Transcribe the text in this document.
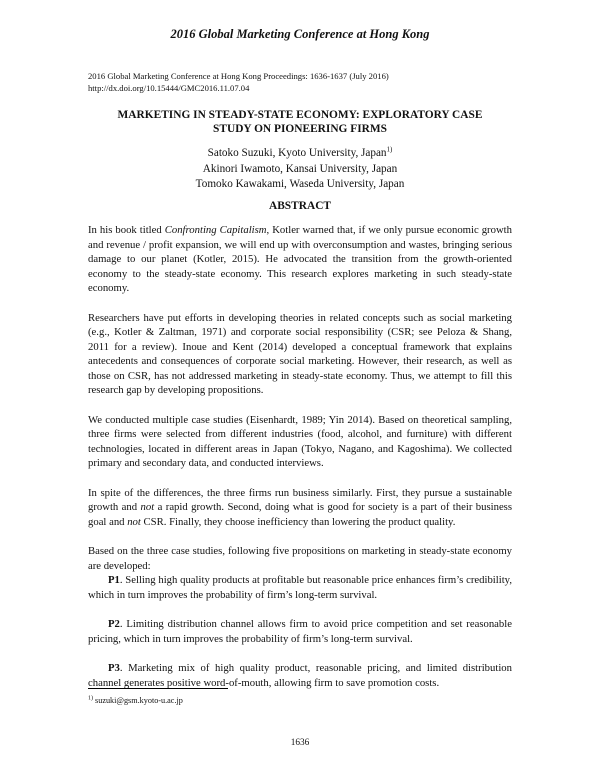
2016 Global Marketing Conference at Hong Kong
2016 Global Marketing Conference at Hong Kong Proceedings: 1636-1637 (July 2016)
http://dx.doi.org/10.15444/GMC2016.11.07.04
MARKETING IN STEADY-STATE ECONOMY: EXPLORATORY CASE
STUDY ON PIONEERING FIRMS
Satoko Suzuki, Kyoto University, Japan$^{1)}$
Akinori Iwamoto, Kansai University, Japan
Tomoko Kawakami, Waseda University, Japan
ABSTRACT

In his book titled Confronting Capitalism, Kotler warned that, if we only pursue economic growth and revenue / profit expansion, we will end up with overconsumption and wastes, bringing serious damage to our planet (Kotler, 2015). He advocated the transition from the growth-oriented economy to the steady-state economy. This research explores marketing in such steady-state economy.

Researchers have put efforts in developing theories in related concepts such as social marketing (e.g., Kotler & Zaltman, 1971) and corporate social responsibility (CSR; see Peloza & Shang, 2011 for a review). Inoue and Kent (2014) developed a conceptual framework that explains antecedents and consequences of corporate social marketing. However, their research, as well as those on CSR, has not addressed marketing in steady-state economy. Thus, we attempt to fill this research gap by developing propositions.

We conducted multiple case studies (Eisenhardt, 1989; Yin 2014). Based on theoretical sampling, three firms were selected from different industries (food, alcohol, and furniture) with different technologies, located in different areas in Japan (Tokyo, Nagano, and Kagoshima). We collected primary and secondary data, and conducted interviews.

In spite of the differences, the three firms run business similarly. First, they pursue a sustainable growth and not a rapid growth. Second, doing what is good for society is a part of their business goal and not CSR. Finally, they choose inefficiency than lowering the product quality.

Based on the three case studies, following five propositions on marketing in steady-state economy are developed:

P1. Selling high quality products at profitable but reasonable price enhances firm’s credibility, which in turn improves the probability of firm’s long-term survival.

P2. Limiting distribution channel allows firm to avoid price competition and set reasonable pricing, which in turn improves the probability of firm’s long-term survival.

P3. Marketing mix of high quality product, reasonable pricing, and limited distribution channel generates positive word-of-mouth, allowing firm to save promotion costs.

$^{1)}$ suzuki@gsm.kyoto-u.ac.jp
1636
